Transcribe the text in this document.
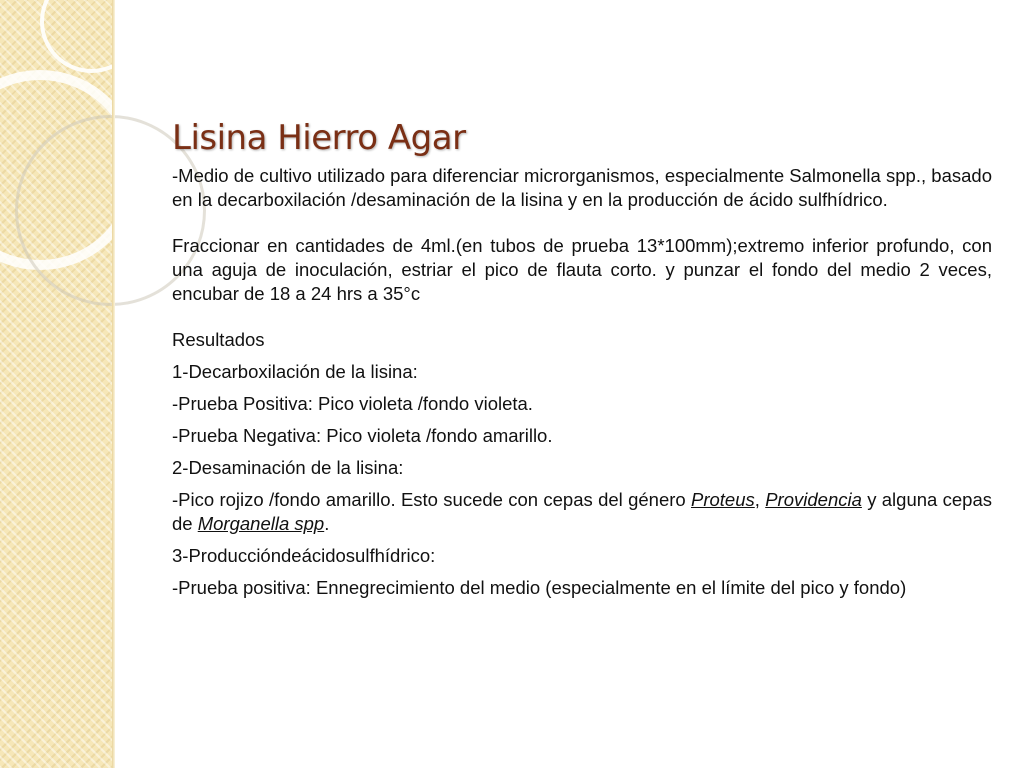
Lisina Hierro Agar

-Medio de cultivo utilizado para diferenciar microrganismos, especialmente Salmonella spp., basado en la decarboxilación /desaminación de la lisina y en la producción de ácido sulfhídrico.

Fraccionar en cantidades de 4ml.(en tubos de prueba 13*100mm);extremo inferior profundo, con una aguja de inoculación, estriar el pico de flauta corto. y punzar el fondo del medio 2 veces, encubar de 18 a 24 hrs a 35°c

Resultados

1-Decarboxilación de la lisina:

-Prueba Positiva: Pico violeta /fondo violeta.

-Prueba Negativa: Pico violeta /fondo amarillo.

2-Desaminación de la lisina:

-Pico rojizo /fondo amarillo. Esto sucede con cepas del género Proteus, Providencia y alguna cepas de Morganella spp.

3-Produccióndeácidosulfhídrico:

-Prueba positiva: Ennegrecimiento del medio (especialmente en el límite del pico y fondo)
